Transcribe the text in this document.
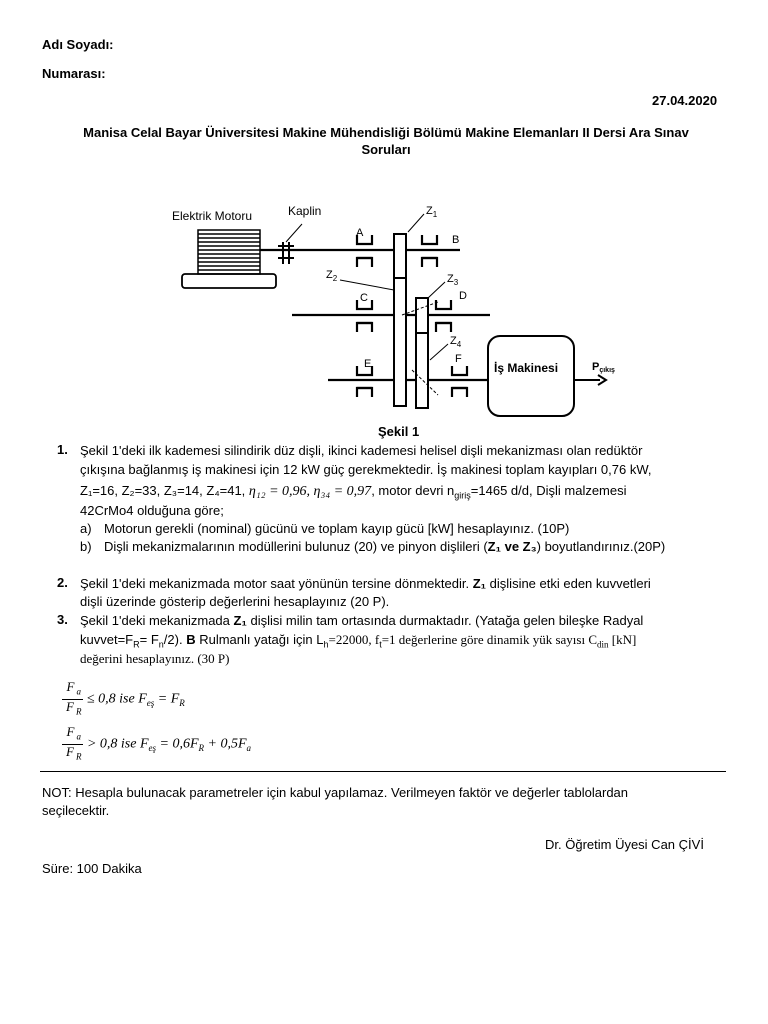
Adı Soyadı:
Numarası:
27.04.2020
Manisa Celal Bayar Üniversitesi Makine Mühendisliği Bölümü Makine Elemanları II Dersi Ara Sınav
Soruları
Elektrik Motoru	Kaplin	$Z_1$
$Z_2$	$Z_3$
$Z_4$
A
B
C	D
E	F
İş Makinesi	Pçıkış
Şekil 1
1. Şekil 1'deki ilk kademesi silindirik düz dişli, ikinci kademesi helisel dişli mekanizması olan redüktör
çıkışına bağlanmış iş makinesi için 12 kW güç gerekmektedir. İş makinesi toplam kayıpları 0,76 kW,
Z₁=16, Z₂=33, Z₃=14, Z₄=41, η₁₂ = 0,96, η₃₄ = 0,97, motor devri $n_{giriş}=1465$ d/d, Dişli malzemesi
42CrMo4 olduğuna göre;
a) Motorun gerekli (nominal) gücünü ve toplam kayıp gücü [kW] hesaplayınız. (10P)
b) Dişli mekanizmalarının modüllerini bulunuz (20) ve pinyon dişlileri (Z₁ ve Z₃) boyutlandırınız.(20P)
2. Şekil 1'deki mekanizmada motor saat yönünün tersine dönmektedir. Z₁ dişlisine etki eden kuvvetleri
dişli üzerinde gösterip değerlerini hesaplayınız (20 P).
3. Şekil 1'deki mekanizmada Z₁ dişlisi milin tam ortasında durmaktadır. (Yatağa gelen bileşke Radyal
$kuvvet=F_R= F_n/2$). B Rulmanlı yatağı için $L_h=22000$, $f_t=1$ değerlerine göre dinamik yük sayısı $C_{din}$ [kN]
değerini hesaplayınız. (30 P)
$\frac{F _a}{F _R} \le 0,8$ ise $F_{eş} = F_R$
$\frac{F _a}{F _R} > 0,8$ ise $F_{eş} = 0,6F_R + 0,5F_a$
NOT: Hesapla bulunacak parametreler için kabul yapılamaz. Verilmeyen faktör ve değerler tablolardan
seçilecektir.
Dr. Öğretim Üyesi Can ÇİVİ
Süre: 100 Dakika
